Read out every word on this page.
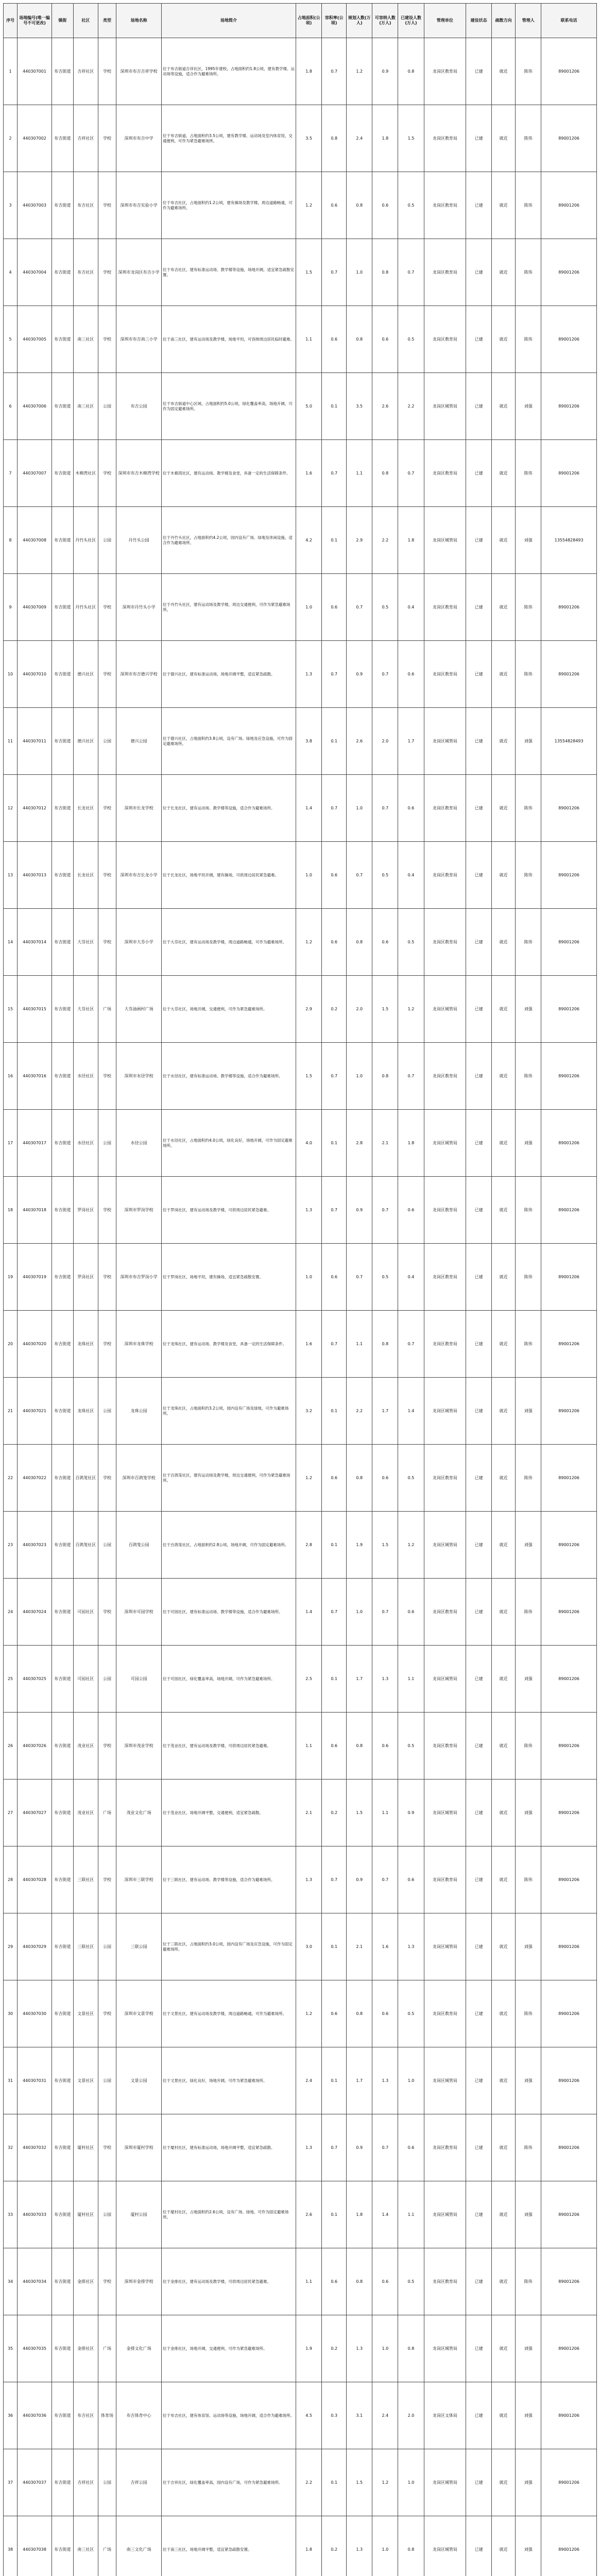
序号	场地编号(唯一编号不可更改)	镇街	社区	类型	场地名称	场地简介	占地面积(公顷)	容积率(公顷)	规划人数(万人)	可容纳人数(万人)	已建设人数(万人)	管理单位	建设状态	疏散方向	管理人	联系电话
1	440307001	布吉街道	吉祥社区	学校	深圳市布吉吉祥学校	位于布吉街道吉祥社区，1995年建校，占地面积约1.8公顷，建有教学楼、运动场等设施，适合作为避难场所。	1.8	0.7	1.2	0.9	0.8	龙岗区教育局	已建	就近	陈伟	89001206
2	440307002	布吉街道	吉祥社区	学校	深圳市布吉中学	位于布吉街道，占地面积约3.5公顷，建有教学楼、运动场及室内体育馆，交通便利，可作为紧急避难场所。	3.5	0.8	2.4	1.8	1.5	龙岗区教育局	已建	就近	陈伟	89001206
3	440307003	布吉街道	布吉社区	学校	深圳市布吉实验小学	位于布吉社区，占地面积约1.2公顷，建有操场及教学楼，周边道路畅通，可作为避难场所。	1.2	0.6	0.8	0.6	0.5	龙岗区教育局	已建	就近	陈伟	89001206
4	440307004	布吉街道	布吉社区	学校	深圳市龙岗区布吉小学	位于布吉社区，建有标准运动场、教学楼等设施，场地开阔，适宜紧急疏散安置。	1.5	0.7	1.0	0.8	0.7	龙岗区教育局	已建	就近	陈伟	89001206
5	440307005	布吉街道	南三社区	学校	深圳市布吉南三小学	位于南三社区，建有运动场及教学楼，场地平坦，可容纳周边居民临时避难。	1.1	0.6	0.8	0.6	0.5	龙岗区教育局	已建	就近	陈伟	89001206
6	440307006	布吉街道	南三社区	公园	布吉公园	位于布吉街道中心区域，占地面积约5.0公顷，绿化覆盖率高，场地开阔，可作为固定避难场所。	5.0	0.1	3.5	2.6	2.2	龙岗区城管局	已建	就近	刘强	89001206
7	440307007	布吉街道	木棉湾社区	学校	深圳市布吉木棉湾学校	位于木棉湾社区，建有运动场、教学楼及食堂，具备一定的生活保障条件。	1.6	0.7	1.1	0.8	0.7	龙岗区教育局	已建	就近	陈伟	89001206
8	440307008	布吉街道	丹竹头社区	公园	丹竹头公园	位于丹竹头社区，占地面积约4.2公顷，园内设有广场、绿地及休闲设施，适合作为避难场所。	4.2	0.1	2.9	2.2	1.8	龙岗区城管局	已建	就近	刘强	13554828493
9	440307009	布吉街道	丹竹头社区	学校	深圳市丹竹头小学	位于丹竹头社区，建有运动场及教学楼，周边交通便利，可作为紧急避难场所。	1.0	0.6	0.7	0.5	0.4	龙岗区教育局	已建	就近	陈伟	89001206
10	440307010	布吉街道	德兴社区	学校	深圳市布吉德兴学校	位于德兴社区，建有标准运动场，场地开阔平整，适宜紧急疏散。	1.3	0.7	0.9	0.7	0.6	龙岗区教育局	已建	就近	陈伟	89001206
11	440307011	布吉街道	德兴社区	公园	德兴公园	位于德兴社区，占地面积约3.8公顷，设有广场、绿地及应急设施，可作为固定避难场所。	3.8	0.1	2.6	2.0	1.7	龙岗区城管局	已建	就近	刘强	13554828493
12	440307012	布吉街道	长龙社区	学校	深圳市长龙学校	位于长龙社区，建有运动场、教学楼等设施，适合作为避难场所。	1.4	0.7	1.0	0.7	0.6	龙岗区教育局	已建	就近	陈伟	89001206
13	440307013	布吉街道	长龙社区	学校	深圳市布吉长龙小学	位于长龙社区，场地平坦开阔，建有操场，可供周边居民紧急避难。	1.0	0.6	0.7	0.5	0.4	龙岗区教育局	已建	就近	陈伟	89001206
14	440307014	布吉街道	大芬社区	学校	深圳市大芬小学	位于大芬社区，建有运动场及教学楼，周边道路畅通，可作为避难场所。	1.2	0.6	0.8	0.6	0.5	龙岗区教育局	已建	就近	陈伟	89001206
15	440307015	布吉街道	大芬社区	广场	大芬油画村广场	位于大芬社区，场地开阔，交通便利，可作为紧急避难场所。	2.9	0.2	2.0	1.5	1.2	龙岗区城管局	已建	就近	刘强	89001206
16	440307016	布吉街道	水径社区	学校	深圳市水径学校	位于水径社区，建有标准运动场、教学楼等设施，适合作为避难场所。	1.5	0.7	1.0	0.8	0.7	龙岗区教育局	已建	就近	陈伟	89001206
17	440307017	布吉街道	水径社区	公园	水径公园	位于水径社区，占地面积约4.0公顷，绿化良好，场地开阔，可作为固定避难场所。	4.0	0.1	2.8	2.1	1.8	龙岗区城管局	已建	就近	刘强	89001206
18	440307018	布吉街道	罗岗社区	学校	深圳市罗岗学校	位于罗岗社区，建有运动场及教学楼，可供周边居民紧急避难。	1.3	0.7	0.9	0.7	0.6	龙岗区教育局	已建	就近	陈伟	89001206
19	440307019	布吉街道	罗岗社区	学校	深圳市布吉罗岗小学	位于罗岗社区，场地平坦，建有操场，适宜紧急疏散安置。	1.0	0.6	0.7	0.5	0.4	龙岗区教育局	已建	就近	陈伟	89001206
20	440307020	布吉街道	龙珠社区	学校	深圳市龙珠学校	位于龙珠社区，建有运动场、教学楼及食堂，具备一定的生活保障条件。	1.6	0.7	1.1	0.8	0.7	龙岗区教育局	已建	就近	陈伟	89001206
21	440307021	布吉街道	龙珠社区	公园	龙珠公园	位于龙珠社区，占地面积约3.2公顷，园内设有广场及绿地，可作为避难场所。	3.2	0.1	2.2	1.7	1.4	龙岗区城管局	已建	就近	刘强	89001206
22	440307022	布吉街道	百鸽笼社区	学校	深圳市百鸽笼学校	位于百鸽笼社区，建有运动场及教学楼，周边交通便利，可作为紧急避难场所。	1.2	0.6	0.8	0.6	0.5	龙岗区教育局	已建	就近	陈伟	89001206
23	440307023	布吉街道	百鸽笼社区	公园	百鸽笼公园	位于百鸽笼社区，占地面积约2.8公顷，场地开阔，可作为固定避难场所。	2.8	0.1	1.9	1.5	1.2	龙岗区城管局	已建	就近	刘强	89001206
24	440307024	布吉街道	可园社区	学校	深圳市可园学校	位于可园社区，建有标准运动场、教学楼等设施，适合作为避难场所。	1.4	0.7	1.0	0.7	0.6	龙岗区教育局	已建	就近	陈伟	89001206
25	440307025	布吉街道	可园社区	公园	可园公园	位于可园社区，绿化覆盖率高，场地开阔，可作为紧急避难场所。	2.5	0.1	1.7	1.3	1.1	龙岗区城管局	已建	就近	刘强	89001206
26	440307026	布吉街道	茂业社区	学校	深圳市茂业学校	位于茂业社区，建有运动场及教学楼，可供周边居民紧急避难。	1.1	0.6	0.8	0.6	0.5	龙岗区教育局	已建	就近	陈伟	89001206
27	440307027	布吉街道	茂业社区	广场	茂业文化广场	位于茂业社区，场地开阔平整，交通便利，适宜紧急疏散。	2.1	0.2	1.5	1.1	0.9	龙岗区城管局	已建	就近	刘强	89001206
28	440307028	布吉街道	三联社区	学校	深圳市三联学校	位于三联社区，建有运动场、教学楼等设施，适合作为避难场所。	1.3	0.7	0.9	0.7	0.6	龙岗区教育局	已建	就近	陈伟	89001206
29	440307029	布吉街道	三联社区	公园	三联公园	位于三联社区，占地面积约3.0公顷，园内设有广场及应急设施，可作为固定避难场所。	3.0	0.1	2.1	1.6	1.3	龙岗区城管局	已建	就近	刘强	89001206
30	440307030	布吉街道	文景社区	学校	深圳市文景学校	位于文景社区，建有运动场及教学楼，周边道路畅通，可作为避难场所。	1.2	0.6	0.8	0.6	0.5	龙岗区教育局	已建	就近	陈伟	89001206
31	440307031	布吉街道	文景社区	公园	文景公园	位于文景社区，绿化良好，场地开阔，可作为紧急避难场所。	2.4	0.1	1.7	1.3	1.0	龙岗区城管局	已建	就近	刘强	89001206
32	440307032	布吉街道	厦村社区	学校	深圳市厦村学校	位于厦村社区，建有标准运动场，场地开阔平整，适宜紧急疏散。	1.3	0.7	0.9	0.7	0.6	龙岗区教育局	已建	就近	陈伟	89001206
33	440307033	布吉街道	厦村社区	公园	厦村公园	位于厦村社区，占地面积约2.6公顷，设有广场、绿地，可作为固定避难场所。	2.6	0.1	1.8	1.4	1.1	龙岗区城管局	已建	就近	刘强	89001206
34	440307034	布吉街道	金排社区	学校	深圳市金排学校	位于金排社区，建有运动场及教学楼，可供周边居民紧急避难。	1.1	0.6	0.8	0.6	0.5	龙岗区教育局	已建	就近	陈伟	89001206
35	440307035	布吉街道	金排社区	广场	金排文化广场	位于金排社区，场地开阔，交通便利，可作为紧急避难场所。	1.9	0.2	1.3	1.0	0.8	龙岗区城管局	已建	就近	刘强	89001206
36	440307036	布吉街道	布吉社区	体育场	布吉体育中心	位于布吉社区，建有体育馆、运动场等设施，场地开阔，适合作为避难场所。	4.5	0.3	3.1	2.4	2.0	龙岗区文体局	已建	就近	刘强	89001206
37	440307037	布吉街道	吉祥社区	公园	吉祥公园	位于吉祥社区，绿化覆盖率高，园内设有广场，可作为紧急避难场所。	2.2	0.1	1.5	1.2	1.0	龙岗区城管局	已建	就近	刘强	89001206
38	440307038	布吉街道	南三社区	广场	南三文化广场	位于南三社区，场地开阔平整，适宜紧急疏散安置。	1.8	0.2	1.3	1.0	0.8	龙岗区城管局	已建	就近	刘强	89001206
